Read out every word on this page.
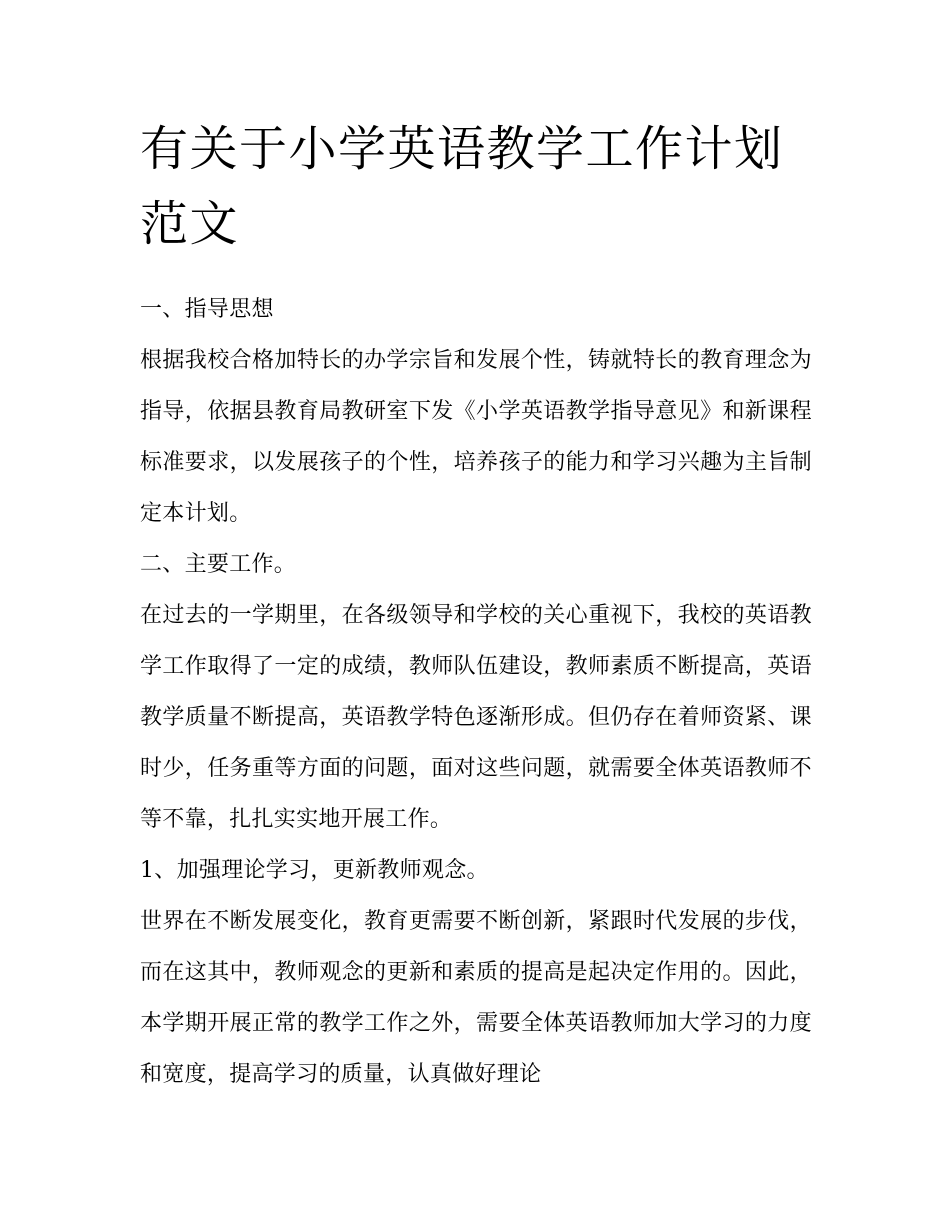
有关于小学英语教学工作计划范文

一、指导思想

根据我校合格加特长的办学宗旨和发展个性，铸就特长的教育理念为指导，依据县教育局教研室下发《小学英语教学指导意见》和新课程标准要求，以发展孩子的个性，培养孩子的能力和学习兴趣为主旨制定本计划。

二、主要工作。

在过去的一学期里，在各级领导和学校的关心重视下，我校的英语教学工作取得了一定的成绩，教师队伍建设，教师素质不断提高，英语教学质量不断提高，英语教学特色逐渐形成。但仍存在着师资紧、课时少，任务重等方面的问题，面对这些问题，就需要全体英语教师不等不靠，扎扎实实地开展工作。

1、加强理论学习，更新教师观念。

世界在不断发展变化，教育更需要不断创新，紧跟时代发展的步伐，而在这其中，教师观念的更新和素质的提高是起决定作用的。因此，本学期开展正常的教学工作之外，需要全体英语教师加大学习的力度和宽度，提高学习的质量，认真做好理论
